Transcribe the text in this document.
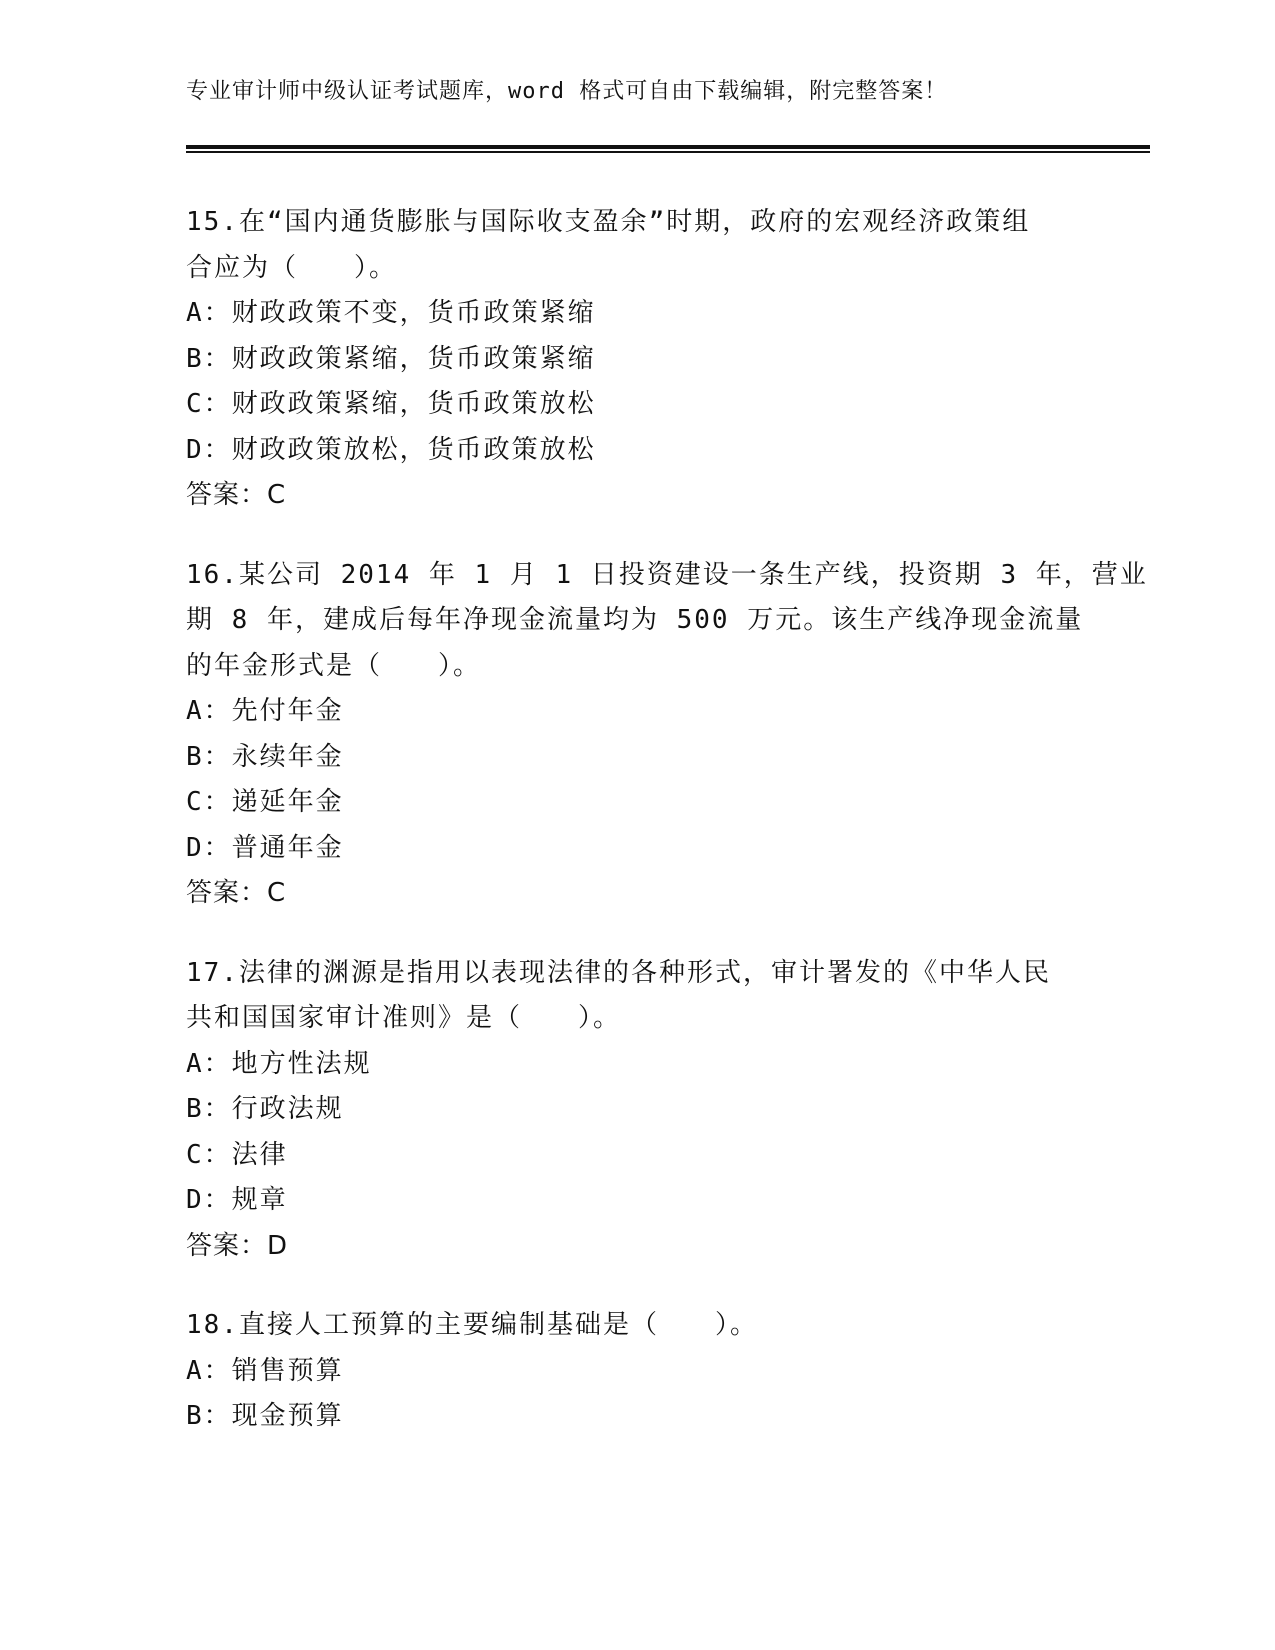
专业审计师中级认证考试题库，word 格式可自由下载编辑，附完整答案！
15.在“国内通货膨胀与国际收支盈余”时期，政府的宏观经济政策组
合应为（　　）。
A：财政政策不变，货币政策紧缩
B：财政政策紧缩，货币政策紧缩
C：财政政策紧缩，货币政策放松
D：财政政策放松，货币政策放松
答案：C
16.某公司 2014 年 1 月 1 日投资建设一条生产线，投资期 3 年，营业
期 8 年，建成后每年净现金流量均为 500 万元。该生产线净现金流量
的年金形式是（　　）。
A：先付年金
B：永续年金
C：递延年金
D：普通年金
答案：C
17.法律的渊源是指用以表现法律的各种形式，审计署发的《中华人民
共和国国家审计准则》是（　　）。
A：地方性法规
B：行政法规
C：法律
D：规章
答案：D
18.直接人工预算的主要编制基础是（　　）。
A：销售预算
B：现金预算
